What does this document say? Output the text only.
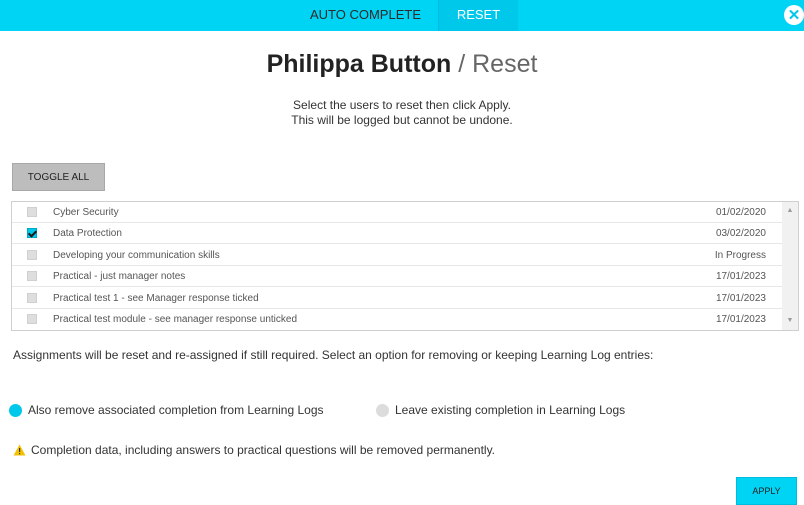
AUTO COMPLETE	RESET	✕
Philippa Button / Reset
Select the users to reset then click Apply.
This will be logged but cannot be undone.
TOGGLE ALL
Cyber Security	01/02/2020
Data Protection	03/02/2020
Developing your communication skills	In Progress
Practical - just manager notes	17/01/2023
Practical test 1 - see Manager response ticked	17/01/2023
Practical test module - see manager response unticked	17/01/2023
▲
▼
Assignments will be reset and re-assigned if still required. Select an option for removing or keeping Learning Log entries:
Also remove associated completion from Learning Logs	Leave existing completion in Learning Logs
Completion data, including answers to practical questions will be removed permanently.
APPLY
